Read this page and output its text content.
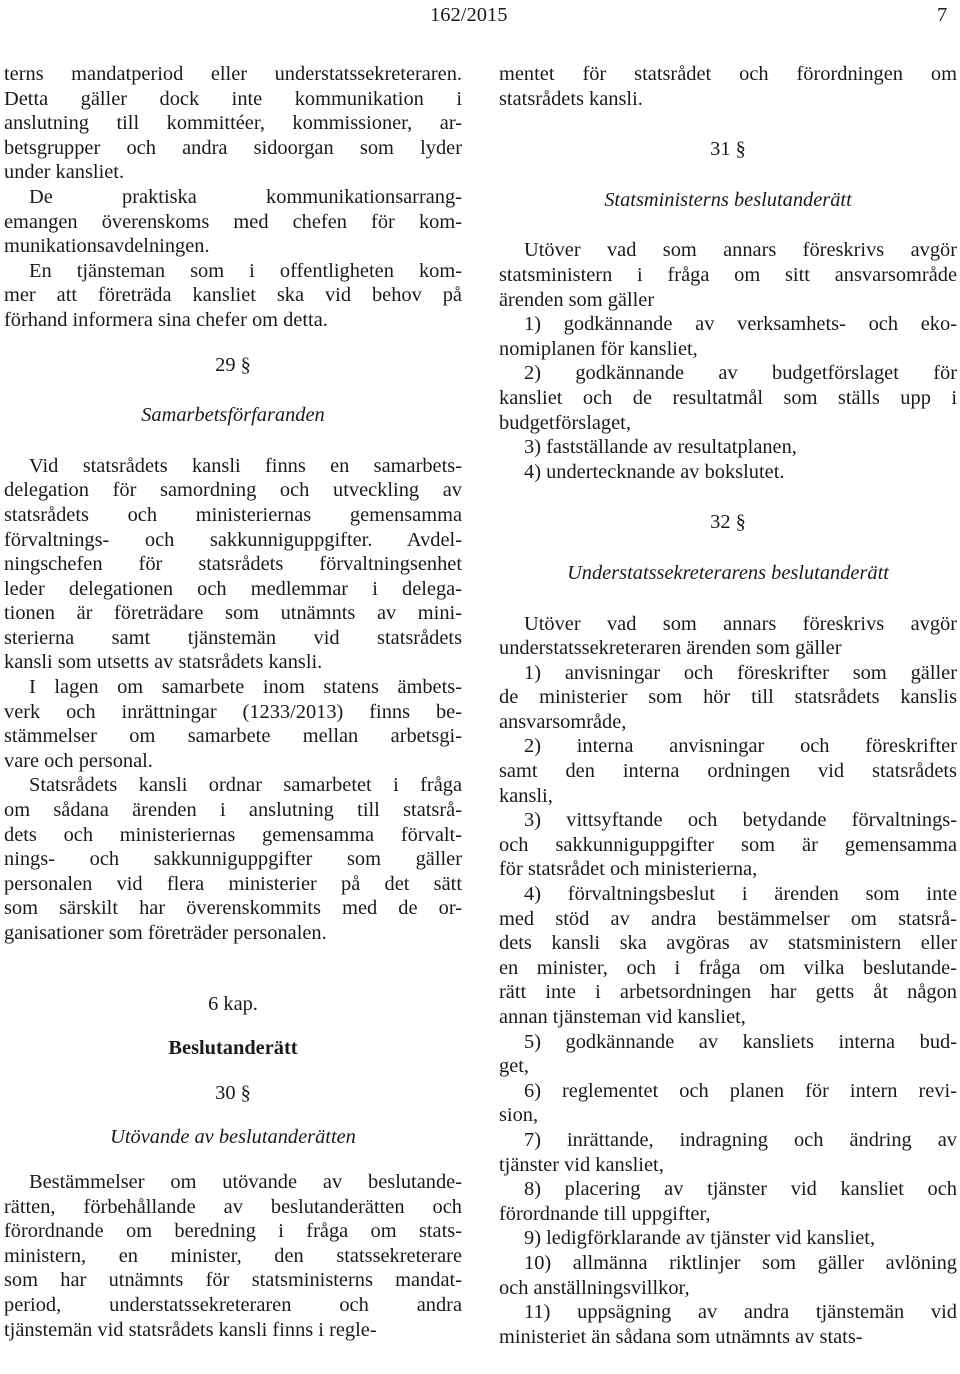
162/2015	7
terns mandatperiod eller understatssekreteraren.
Detta gäller dock inte kommunikation i
anslutning till kommittéer, kommissioner, ar-
betsgrupper och andra sidoorgan som lyder
under kansliet.
De praktiska kommunikationsarrang-
emangen överenskoms med chefen för kom-
munikationsavdelningen.
En tjänsteman som i offentligheten kom-
mer att företräda kansliet ska vid behov på
förhand informera sina chefer om detta.
29 §
Samarbetsförfaranden
Vid statsrådets kansli finns en samarbets-
delegation för samordning och utveckling av
statsrådets och ministeriernas gemensamma
förvaltnings- och sakkunniguppgifter. Avdel-
ningschefen för statsrådets förvaltningsenhet
leder delegationen och medlemmar i delega-
tionen är företrädare som utnämnts av mini-
sterierna samt tjänstemän vid statsrådets
kansli som utsetts av statsrådets kansli.
I lagen om samarbete inom statens ämbets-
verk och inrättningar (1233/2013) finns be-
stämmelser om samarbete mellan arbetsgi-
vare och personal.
Statsrådets kansli ordnar samarbetet i fråga
om sådana ärenden i anslutning till statsrå-
dets och ministeriernas gemensamma förvalt-
nings- och sakkunniguppgifter som gäller
personalen vid flera ministerier på det sätt
som särskilt har överenskommits med de or-
ganisationer som företräder personalen.
6 kap.
Beslutanderätt
30 §
Utövande av beslutanderätten
Bestämmelser om utövande av beslutande-
rätten, förbehållande av beslutanderätten och
förordnande om beredning i fråga om stats-
ministern, en minister, den statssekreterare
som har utnämnts för statsministerns mandat-
period, understatssekreteraren och andra
tjänstemän vid statsrådets kansli finns i regle-
mentet för statsrådet och förordningen om
statsrådets kansli.
31 §
Statsministerns beslutanderätt
Utöver vad som annars föreskrivs avgör
statsministern i fråga om sitt ansvarsområde
ärenden som gäller
1) godkännande av verksamhets- och eko-
nomiplanen för kansliet,
2) godkännande av budgetförslaget för
kansliet och de resultatmål som ställs upp i
budgetförslaget,
3) fastställande av resultatplanen,
4) undertecknande av bokslutet.
32 §
Understatssekreterarens beslutanderätt
Utöver vad som annars föreskrivs avgör
understatssekreteraren ärenden som gäller
1) anvisningar och föreskrifter som gäller
de ministerier som hör till statsrådets kanslis
ansvarsområde,
2) interna anvisningar och föreskrifter
samt den interna ordningen vid statsrådets
kansli,
3) vittsyftande och betydande förvaltnings-
och sakkunniguppgifter som är gemensamma
för statsrådet och ministerierna,
4) förvaltningsbeslut i ärenden som inte
med stöd av andra bestämmelser om statsrå-
dets kansli ska avgöras av statsministern eller
en minister, och i fråga om vilka beslutande-
rätt inte i arbetsordningen har getts åt någon
annan tjänsteman vid kansliet,
5) godkännande av kansliets interna bud-
get,
6) reglementet och planen för intern revi-
sion,
7) inrättande, indragning och ändring av
tjänster vid kansliet,
8) placering av tjänster vid kansliet och
förordnande till uppgifter,
9) ledigförklarande av tjänster vid kansliet,
10) allmänna riktlinjer som gäller avlöning
och anställningsvillkor,
11) uppsägning av andra tjänstemän vid
ministeriet än sådana som utnämnts av stats-
